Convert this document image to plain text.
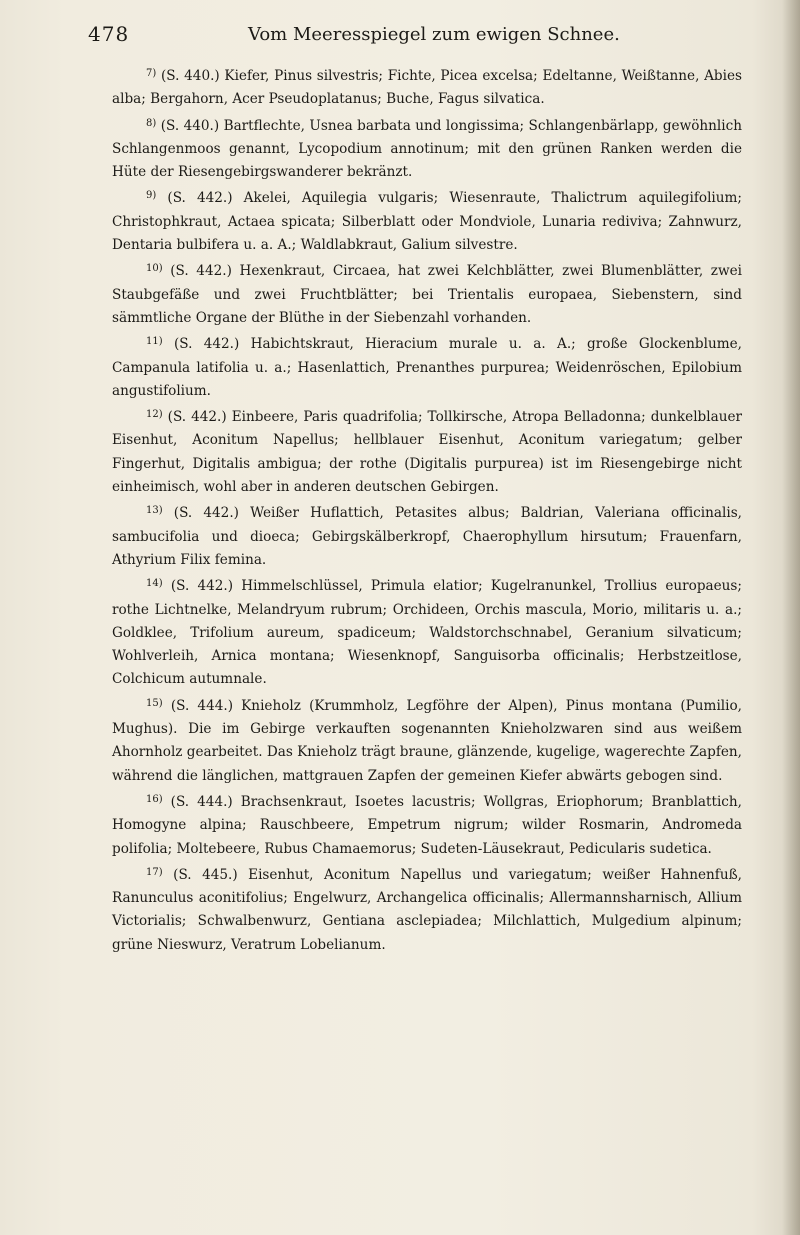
478	Vom Meeresspiegel zum ewigen Schnee.

$^{7)}$ (S. 440.) Kiefer, Pinus silvestris; Fichte, Picea excelsa; Edeltanne, Weißtanne, Abies alba; Bergahorn, Acer Pseudoplatanus; Buche, Fagus silvatica.

$^{8)}$ (S. 440.) Bartflechte, Usnea barbata und longissima; Schlangenbärlapp, gewöhnlich Schlangenmoos genannt, Lycopodium annotinum; mit den grünen Ranken werden die Hüte der Riesengebirgswanderer bekränzt.

$^{9)}$ (S. 442.) Akelei, Aquilegia vulgaris; Wiesenraute, Thalictrum aquilegifolium; Christophkraut, Actaea spicata; Silberblatt oder Mondviole, Lunaria rediviva; Zahnwurz, Dentaria bulbifera u. a. A.; Waldlabkraut, Galium silvestre.

$^{10)}$ (S. 442.) Hexenkraut, Circaea, hat zwei Kelchblätter, zwei Blumenblätter, zwei Staubgefäße und zwei Fruchtblätter; bei Trientalis europaea, Siebenstern, sind sämmtliche Organe der Blüthe in der Siebenzahl vorhanden.

$^{11)}$ (S. 442.) Habichtskraut, Hieracium murale u. a. A.; große Glockenblume, Campanula latifolia u. a.; Hasenlattich, Prenanthes purpurea; Weidenröschen, Epilobium angustifolium.

$^{12)}$ (S. 442.) Einbeere, Paris quadrifolia; Tollkirsche, Atropa Belladonna; dunkelblauer Eisenhut, Aconitum Napellus; hellblauer Eisenhut, Aconitum variegatum; gelber Fingerhut, Digitalis ambigua; der rothe (Digitalis purpurea) ist im Riesengebirge nicht einheimisch, wohl aber in anderen deutschen Gebirgen.

$^{13)}$ (S. 442.) Weißer Huflattich, Petasites albus; Baldrian, Valeriana officinalis, sambucifolia und dioeca; Gebirgskälberkropf, Chaerophyllum hirsutum; Frauenfarn, Athyrium Filix femina.

$^{14)}$ (S. 442.) Himmelschlüssel, Primula elatior; Kugelranunkel, Trollius europaeus; rothe Lichtnelke, Melandryum rubrum; Orchideen, Orchis mascula, Morio, militaris u. a.; Goldklee, Trifolium aureum, spadiceum; Waldstorchschnabel, Geranium silvaticum; Wohlverleih, Arnica montana; Wiesenknopf, Sanguisorba officinalis; Herbstzeitlose, Colchicum autumnale.

$^{15)}$ (S. 444.) Knieholz (Krummholz, Legföhre der Alpen), Pinus montana (Pumilio, Mughus). Die im Gebirge verkauften sogenannten Knieholzwaren sind aus weißem Ahornholz gearbeitet. Das Knieholz trägt braune, glänzende, kugelige, wagerechte Zapfen, während die länglichen, mattgrauen Zapfen der gemeinen Kiefer abwärts gebogen sind.

$^{16)}$ (S. 444.) Brachsenkraut, Isoetes lacustris; Wollgras, Eriophorum; Branblattich, Homogyne alpina; Rauschbeere, Empetrum nigrum; wilder Rosmarin, Andromeda polifolia; Moltebeere, Rubus Chamaemorus; Sudeten-Läusekraut, Pedicularis sudetica.

$^{17)}$ (S. 445.) Eisenhut, Aconitum Napellus und variegatum; weißer Hahnenfuß, Ranunculus aconitifolius; Engelwurz, Archangelica officinalis; Allermannsharnisch, Allium Victorialis; Schwalbenwurz, Gentiana asclepiadea; Milchlattich, Mulgedium alpinum; grüne Nieswurz, Veratrum Lobelianum.
